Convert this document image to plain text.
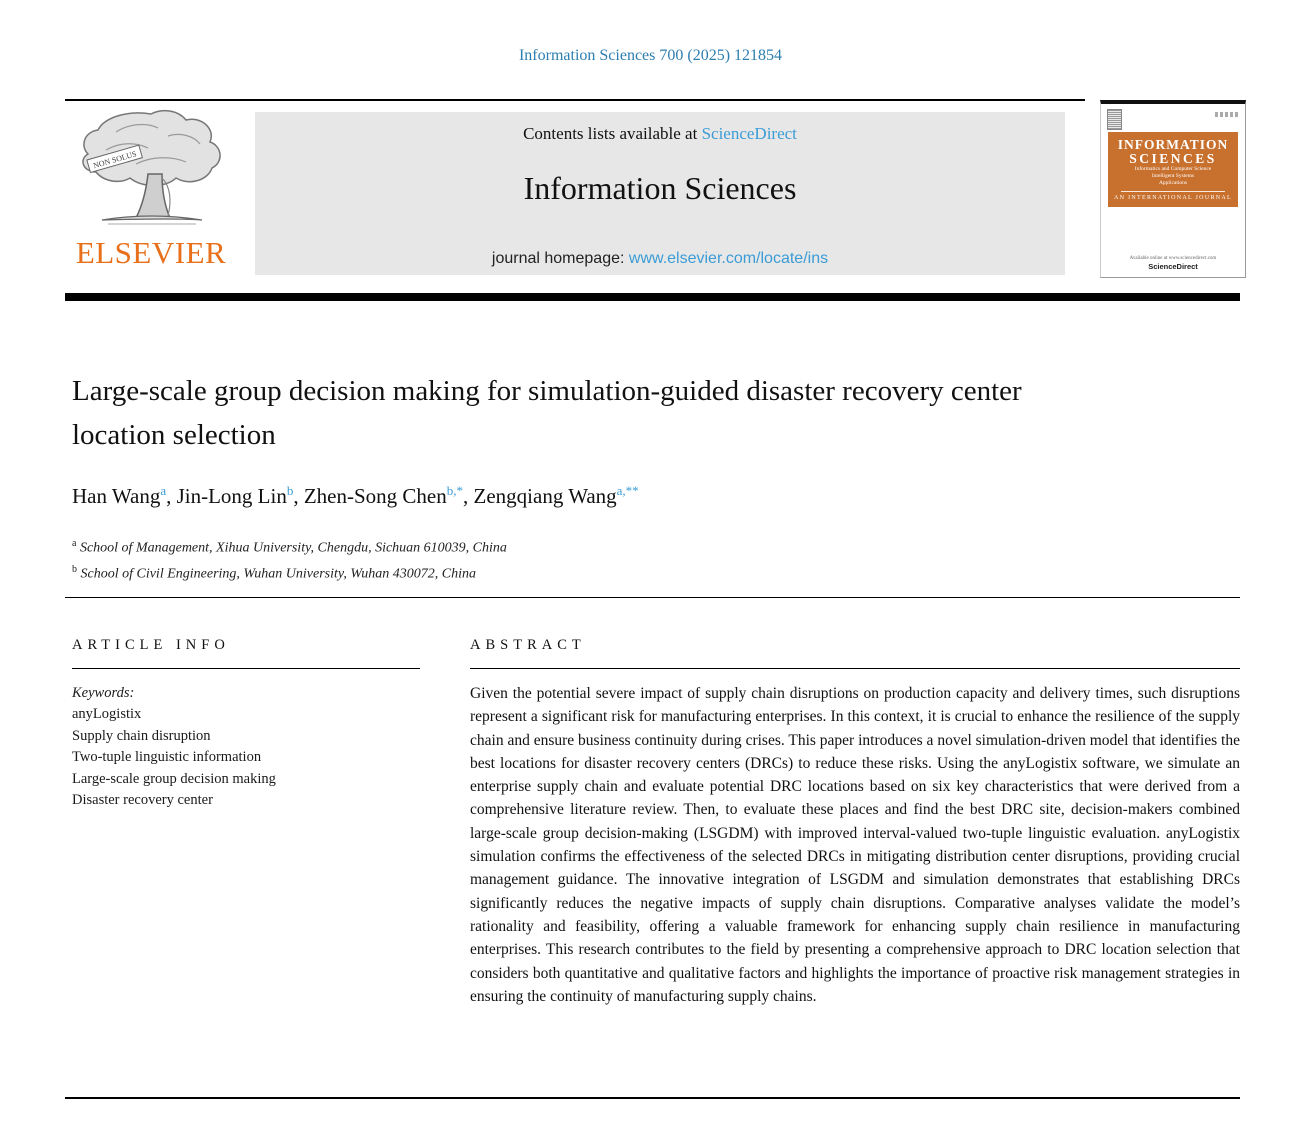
Information Sciences 700 (2025) 121854
NON SOLUS
ELSEVIER
Contents lists available at ScienceDirect
Information Sciences
journal homepage: www.elsevier.com/locate/ins
INFORMATION
SCIENCES
Informatics and Computer Science
Intelligent Systems
Applications
AN INTERNATIONAL JOURNAL
Available online at www.sciencedirect.com
ScienceDirect
Large-scale group decision making for simulation-guided disaster recovery center location selection
Han Wang$^a$, Jin-Long Lin$^b$, Zhen-Song Chen$^{b,*}$, Zengqiang Wang$^{a,**}$
$^a$ School of Management, Xihua University, Chengdu, Sichuan 610039, China
$^b$ School of Civil Engineering, Wuhan University, Wuhan 430072, China
ARTICLE INFO
Keywords:
anyLogistix
Supply chain disruption
Two-tuple linguistic information
Large-scale group decision making
Disaster recovery center
ABSTRACT
Given the potential severe impact of supply chain disruptions on production capacity and delivery times, such disruptions represent a significant risk for manufacturing enterprises. In this context, it is crucial to enhance the resilience of the supply chain and ensure business continuity during crises. This paper introduces a novel simulation-driven model that identifies the best locations for disaster recovery centers (DRCs) to reduce these risks. Using the anyLogistix software, we simulate an enterprise supply chain and evaluate potential DRC locations based on six key characteristics that were derived from a comprehensive literature review. Then, to evaluate these places and find the best DRC site, decision-makers combined large-scale group decision-making (LSGDM) with improved interval-valued two-tuple linguistic evaluation. anyLogistix simulation confirms the effectiveness of the selected DRCs in mitigating distribution center disruptions, providing crucial management guidance. The innovative integration of LSGDM and simulation demonstrates that establishing DRCs significantly reduces the negative impacts of supply chain disruptions. Comparative analyses validate the model’s rationality and feasibility, offering a valuable framework for enhancing supply chain resilience in manufacturing enterprises. This research contributes to the field by presenting a comprehensive approach to DRC location selection that considers both quantitative and qualitative factors and highlights the importance of proactive risk management strategies in ensuring the continuity of manufacturing supply chains.
